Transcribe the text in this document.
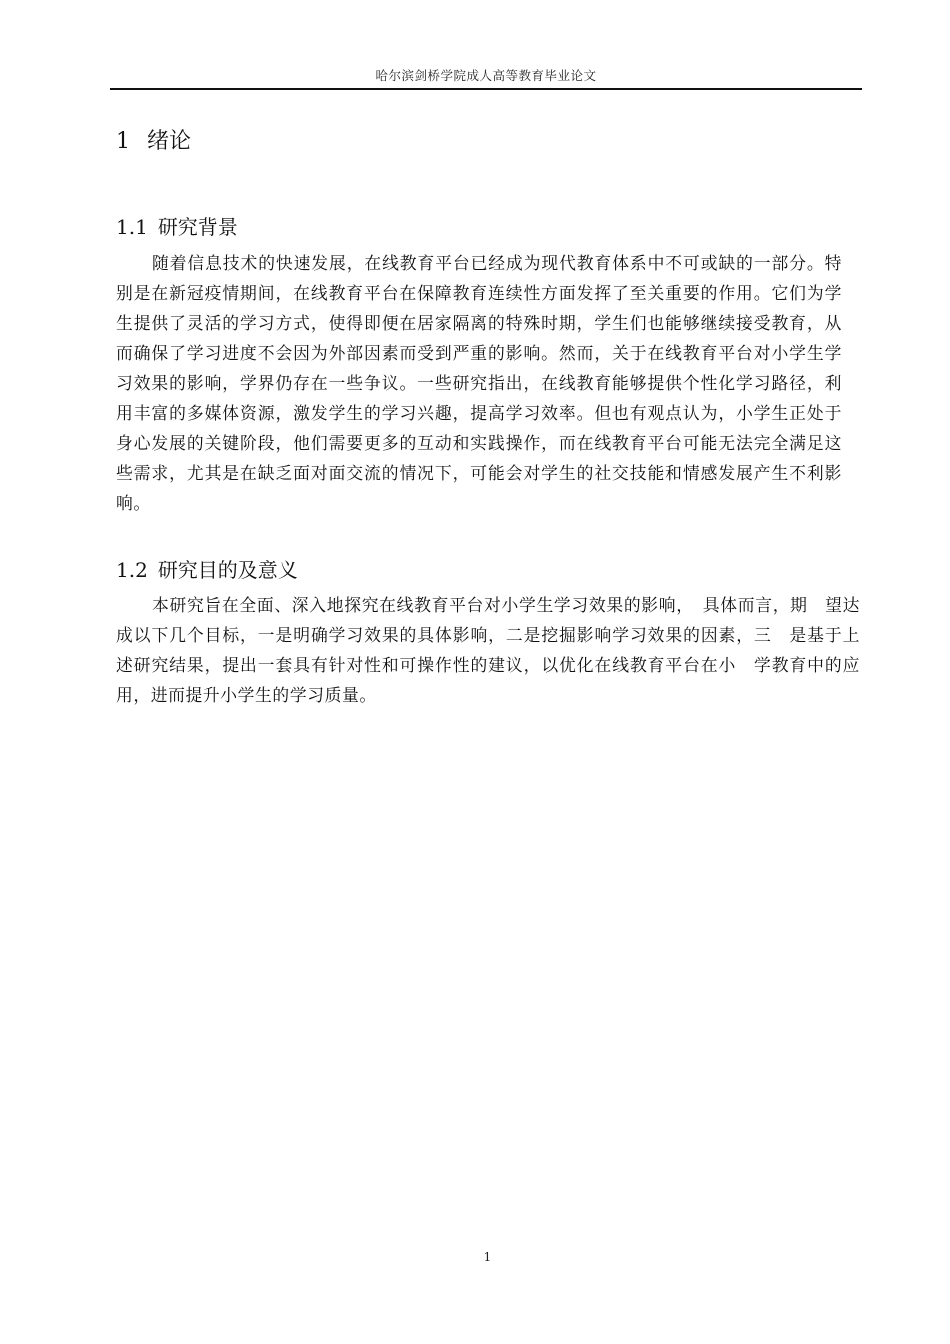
哈尔滨剑桥学院成人高等教育毕业论文
1 绪论
1.1 研究背景

随着信息技术的快速发展，在线教育平台已经成为现代教育体系中不可或缺的一部分。特别是在新冠疫情期间，在线教育平台在保障教育连续性方面发挥了至关重要的作用。它们为学生提供了灵活的学习方式，使得即便在居家隔离的特殊时期，学生们也能够继续接受教育，从而确保了学习进度不会因为外部因素而受到严重的影响。然而，关于在线教育平台对小学生学习效果的影响，学界仍存在一些争议。一些研究指出，在线教育能够提供个性化学习路径，利用丰富的多媒体资源，激发学生的学习兴趣，提高学习效率。但也有观点认为，小学生正处于身心发展的关键阶段，他们需要更多的互动和实践操作，而在线教育平台可能无法完全满足这些需求，尤其是在缺乏面对面交流的情况下，可能会对学生的社交技能和情感发展产生不利影响。

1.2 研究目的及意义

本研究旨在全面、深入地探究在线教育平台对小学生学习效果的影响，　具体而言，期　望达成以下几个目标，一是明确学习效果的具体影响，二是挖掘影响学习效果的因素，三　是基于上述研究结果，提出一套具有针对性和可操作性的建议，以优化在线教育平台在小　学教育中的应用，进而提升小学生的学习质量。

1
